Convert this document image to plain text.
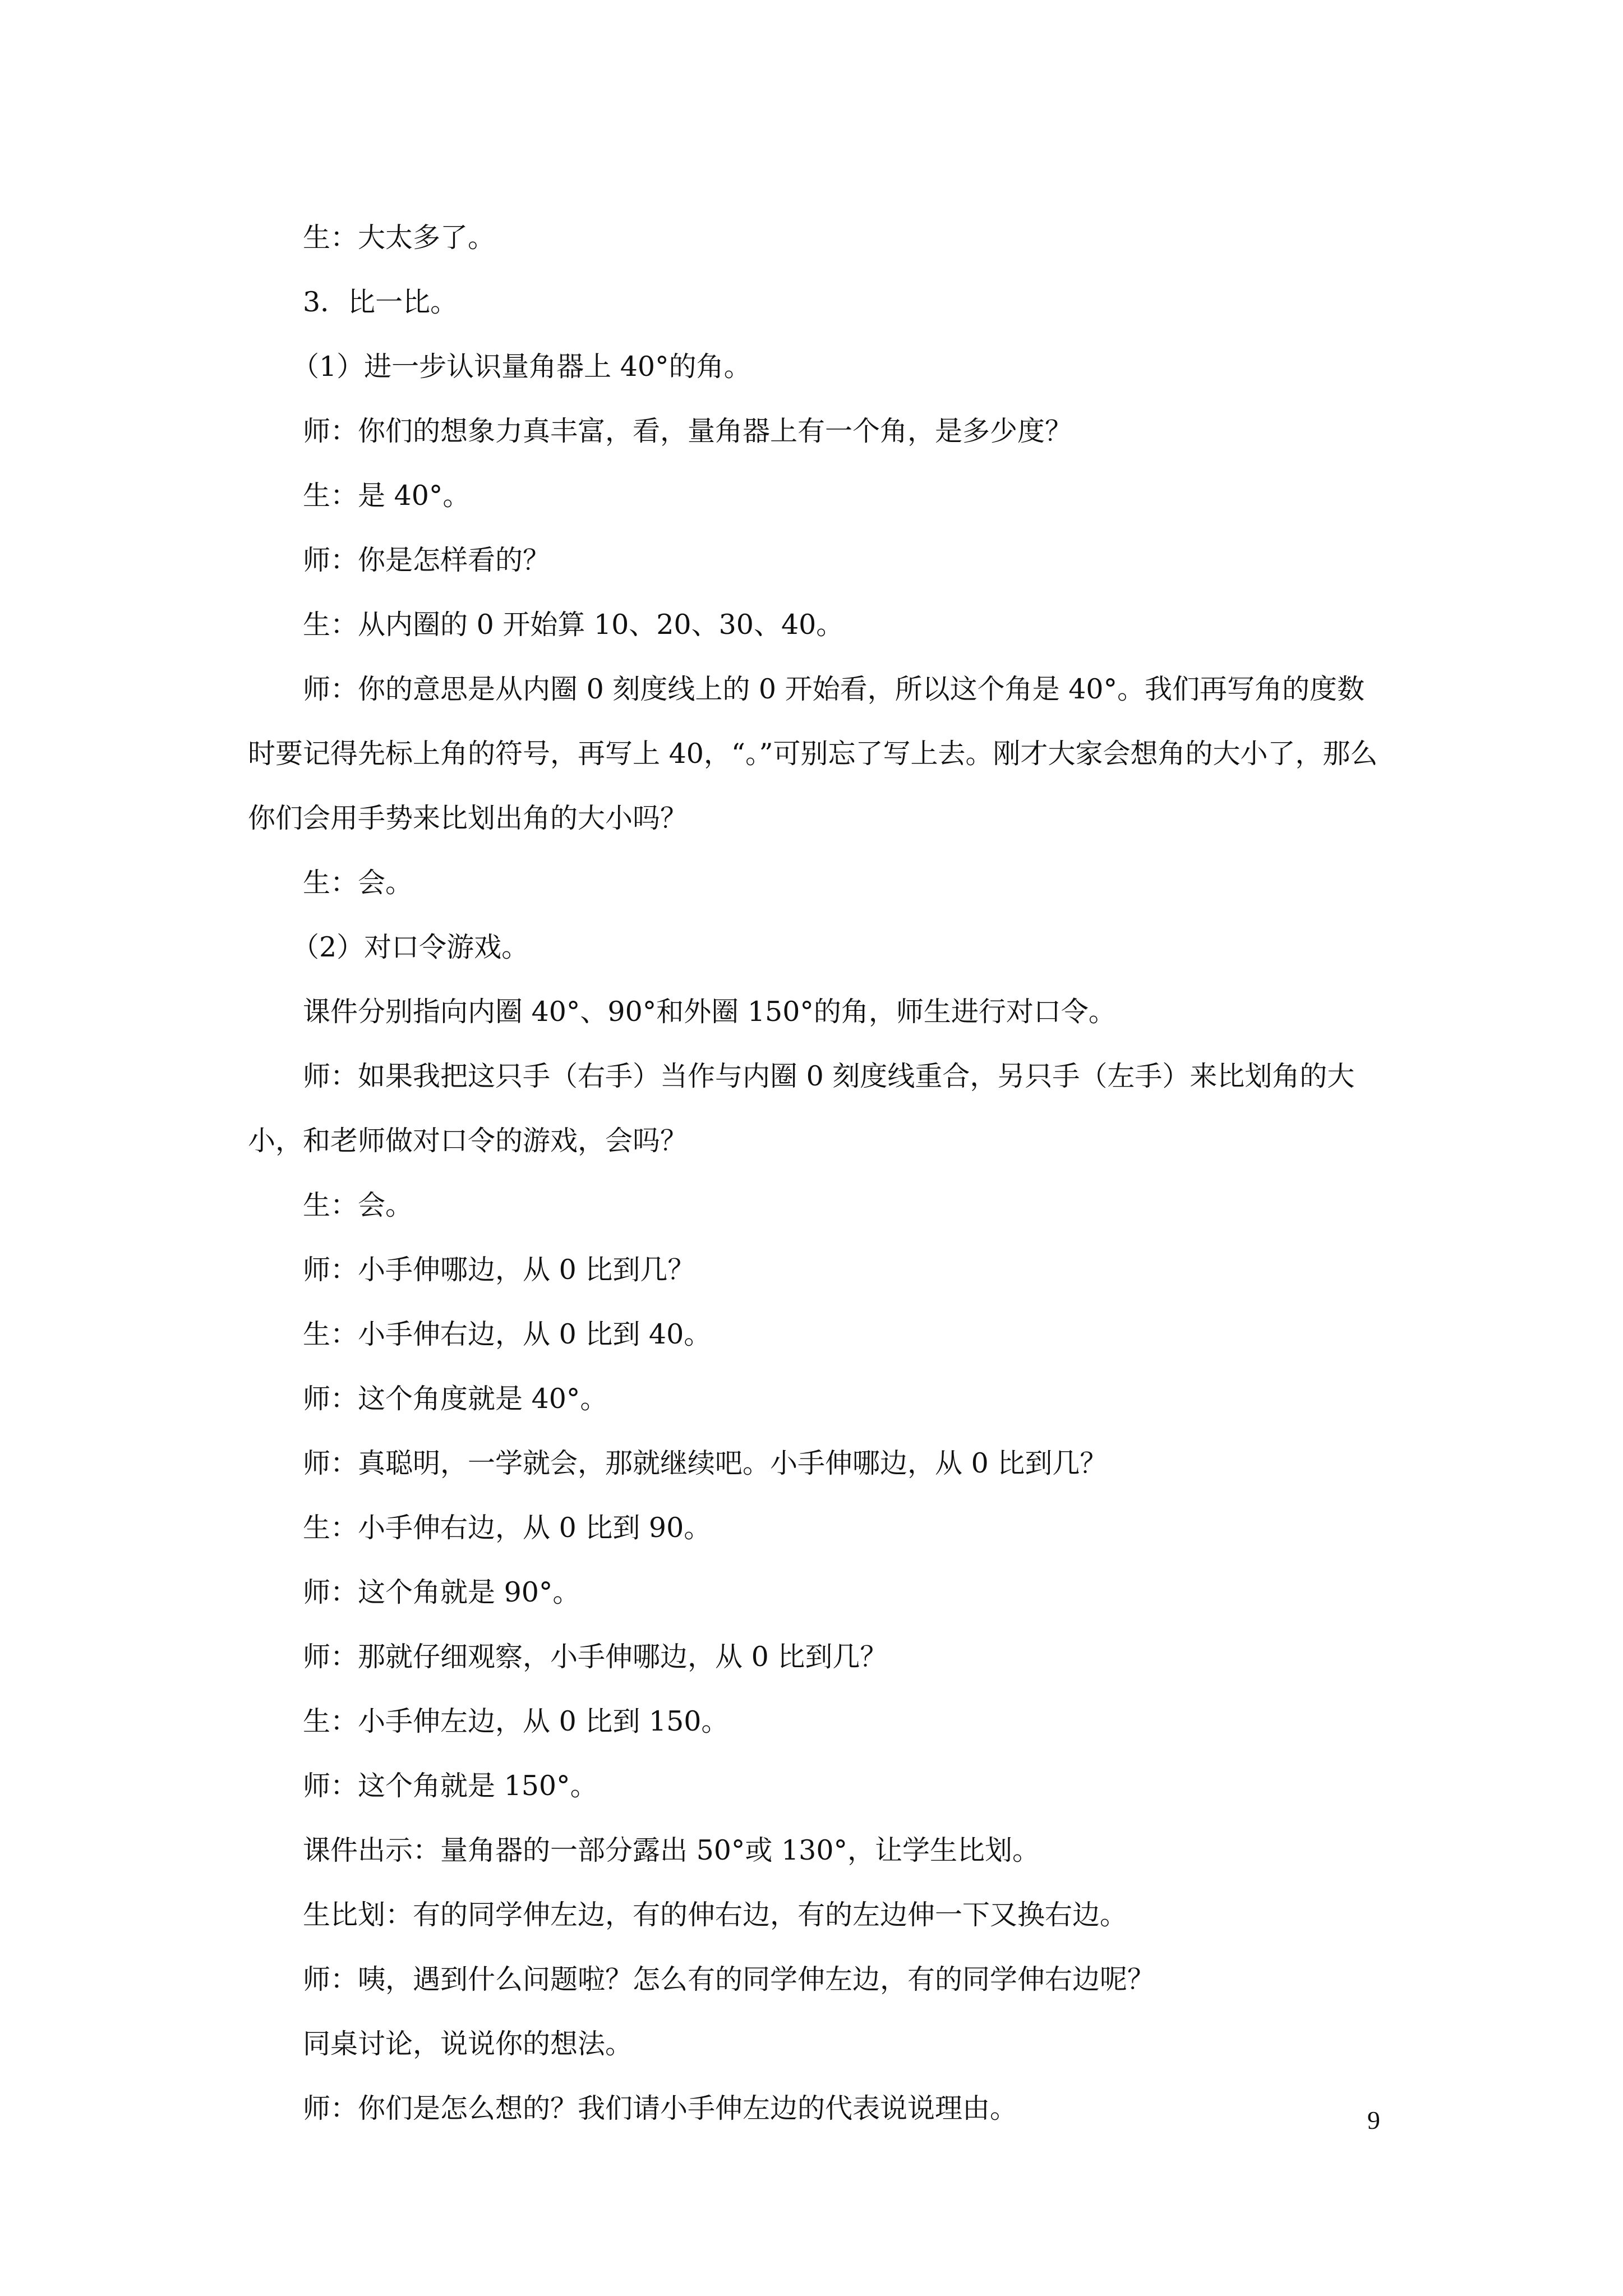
生：大太多了。

3．比一比。

（1）进一步认识量角器上 40°的角。

师：你们的想象力真丰富，看，量角器上有一个角，是多少度？

生：是 40°。

师：你是怎样看的？

生：从内圈的 0 开始算 10、20、30、40。

师：你的意思是从内圈 0 刻度线上的 0 开始看，所以这个角是 40°。我们再写角的度数时要记得先标上角的符号，再写上 40，“。”可别忘了写上去。刚才大家会想角的大小了，那么你们会用手势来比划出角的大小吗？

生：会。

（2）对口令游戏。

课件分别指向内圈 40°、90°和外圈 150°的角，师生进行对口令。

师：如果我把这只手（右手）当作与内圈 0 刻度线重合，另只手（左手）来比划角的大小，和老师做对口令的游戏，会吗？

生：会。

师：小手伸哪边，从 0 比到几？

生：小手伸右边，从 0 比到 40。

师：这个角度就是 40°。

师：真聪明，一学就会，那就继续吧。小手伸哪边，从 0 比到几？

生：小手伸右边，从 0 比到 90。

师：这个角就是 90°。

师：那就仔细观察，小手伸哪边，从 0 比到几？

生：小手伸左边，从 0 比到 150。

师：这个角就是 150°。

课件出示：量角器的一部分露出 50°或 130°，让学生比划。

生比划：有的同学伸左边，有的伸右边，有的左边伸一下又换右边。

师：咦，遇到什么问题啦？怎么有的同学伸左边，有的同学伸右边呢？

同桌讨论，说说你的想法。

师：你们是怎么想的？我们请小手伸左边的代表说说理由。	9
